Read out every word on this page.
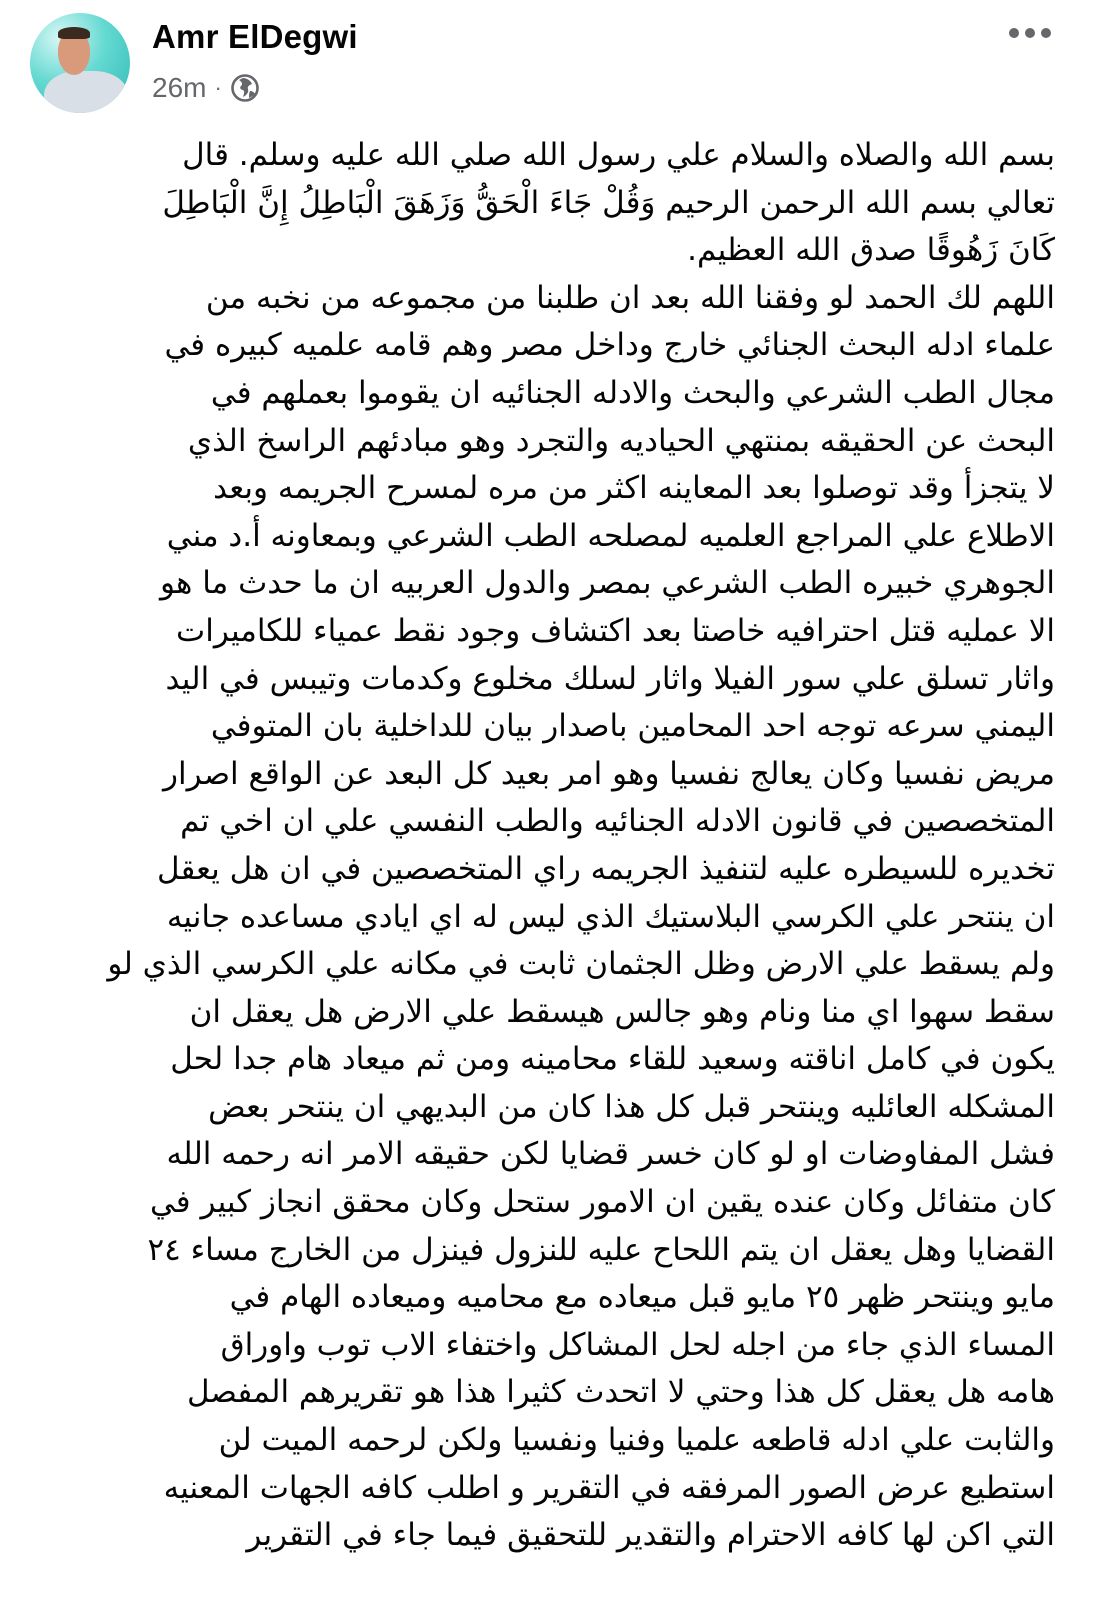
Amr ElDegwi
26m ·
بسم الله والصلاه والسلام علي رسول الله صلي الله عليه وسلم. قال
تعالي بسم الله الرحمن الرحيم وَقُلْ جَاءَ الْحَقُّ وَزَهَقَ الْبَاطِلُ إِنَّ الْبَاطِلَ
كَانَ زَهُوقًا صدق الله العظيم.
اللهم لك الحمد لو وفقنا الله بعد ان طلبنا من مجموعه من نخبه من
علماء ادله البحث الجنائي خارج وداخل مصر وهم قامه علميه كبيره في
مجال الطب الشرعي والبحث والادله الجنائيه ان يقوموا بعملهم في
البحث عن الحقيقه بمنتهي الحياديه والتجرد وهو مبادئهم الراسخ الذي
لا يتجزأ وقد توصلوا بعد المعاينه اكثر من مره لمسرح الجريمه وبعد
الاطلاع علي المراجع العلميه لمصلحه الطب الشرعي وبمعاونه أ.د مني
الجوهري خبيره الطب الشرعي بمصر والدول العربيه ان ما حدث ما هو
الا عمليه قتل احترافيه خاصتا بعد اكتشاف وجود نقط عمياء للكاميرات
واثار تسلق علي سور الفيلا واثار لسلك مخلوع وكدمات وتيبس في اليد
اليمني سرعه توجه احد المحامين باصدار بيان للداخلية بان المتوفي
مريض نفسيا وكان يعالج نفسيا وهو امر بعيد كل البعد عن الواقع اصرار
المتخصصين في قانون الادله الجنائيه والطب النفسي علي ان اخي تم
تخديره للسيطره عليه لتنفيذ الجريمه راي المتخصصين في ان هل يعقل
ان ينتحر علي الكرسي البلاستيك الذي ليس له اي ايادي مساعده جانيه
ولم يسقط علي الارض وظل الجثمان ثابت في مكانه علي الكرسي الذي لو
سقط سهوا اي منا ونام وهو جالس هيسقط علي الارض هل يعقل ان
يكون في كامل اناقته وسعيد للقاء محامينه ومن ثم ميعاد هام جدا لحل
المشكله العائليه وينتحر قبل كل هذا كان من البديهي ان ينتحر بعض
فشل المفاوضات او لو كان خسر قضايا لكن حقيقه الامر انه رحمه الله
كان متفائل وكان عنده يقين ان الامور ستحل وكان محقق انجاز كبير في
القضايا وهل يعقل ان يتم اللحاح عليه للنزول فينزل من الخارج مساء ٢٤
مايو وينتحر ظهر ٢٥ مايو قبل ميعاده مع محاميه وميعاده الهام في
المساء الذي جاء من اجله لحل المشاكل واختفاء الاب توب واوراق
هامه هل يعقل كل هذا وحتي لا اتحدث كثيرا هذا هو تقريرهم المفصل
والثابت علي ادله قاطعه علميا وفنيا ونفسيا ولكن لرحمه الميت لن
استطيع عرض الصور المرفقه في التقرير و اطلب كافه الجهات المعنيه
التي اكن لها كافه الاحترام والتقدير للتحقيق فيما جاء في التقرير
